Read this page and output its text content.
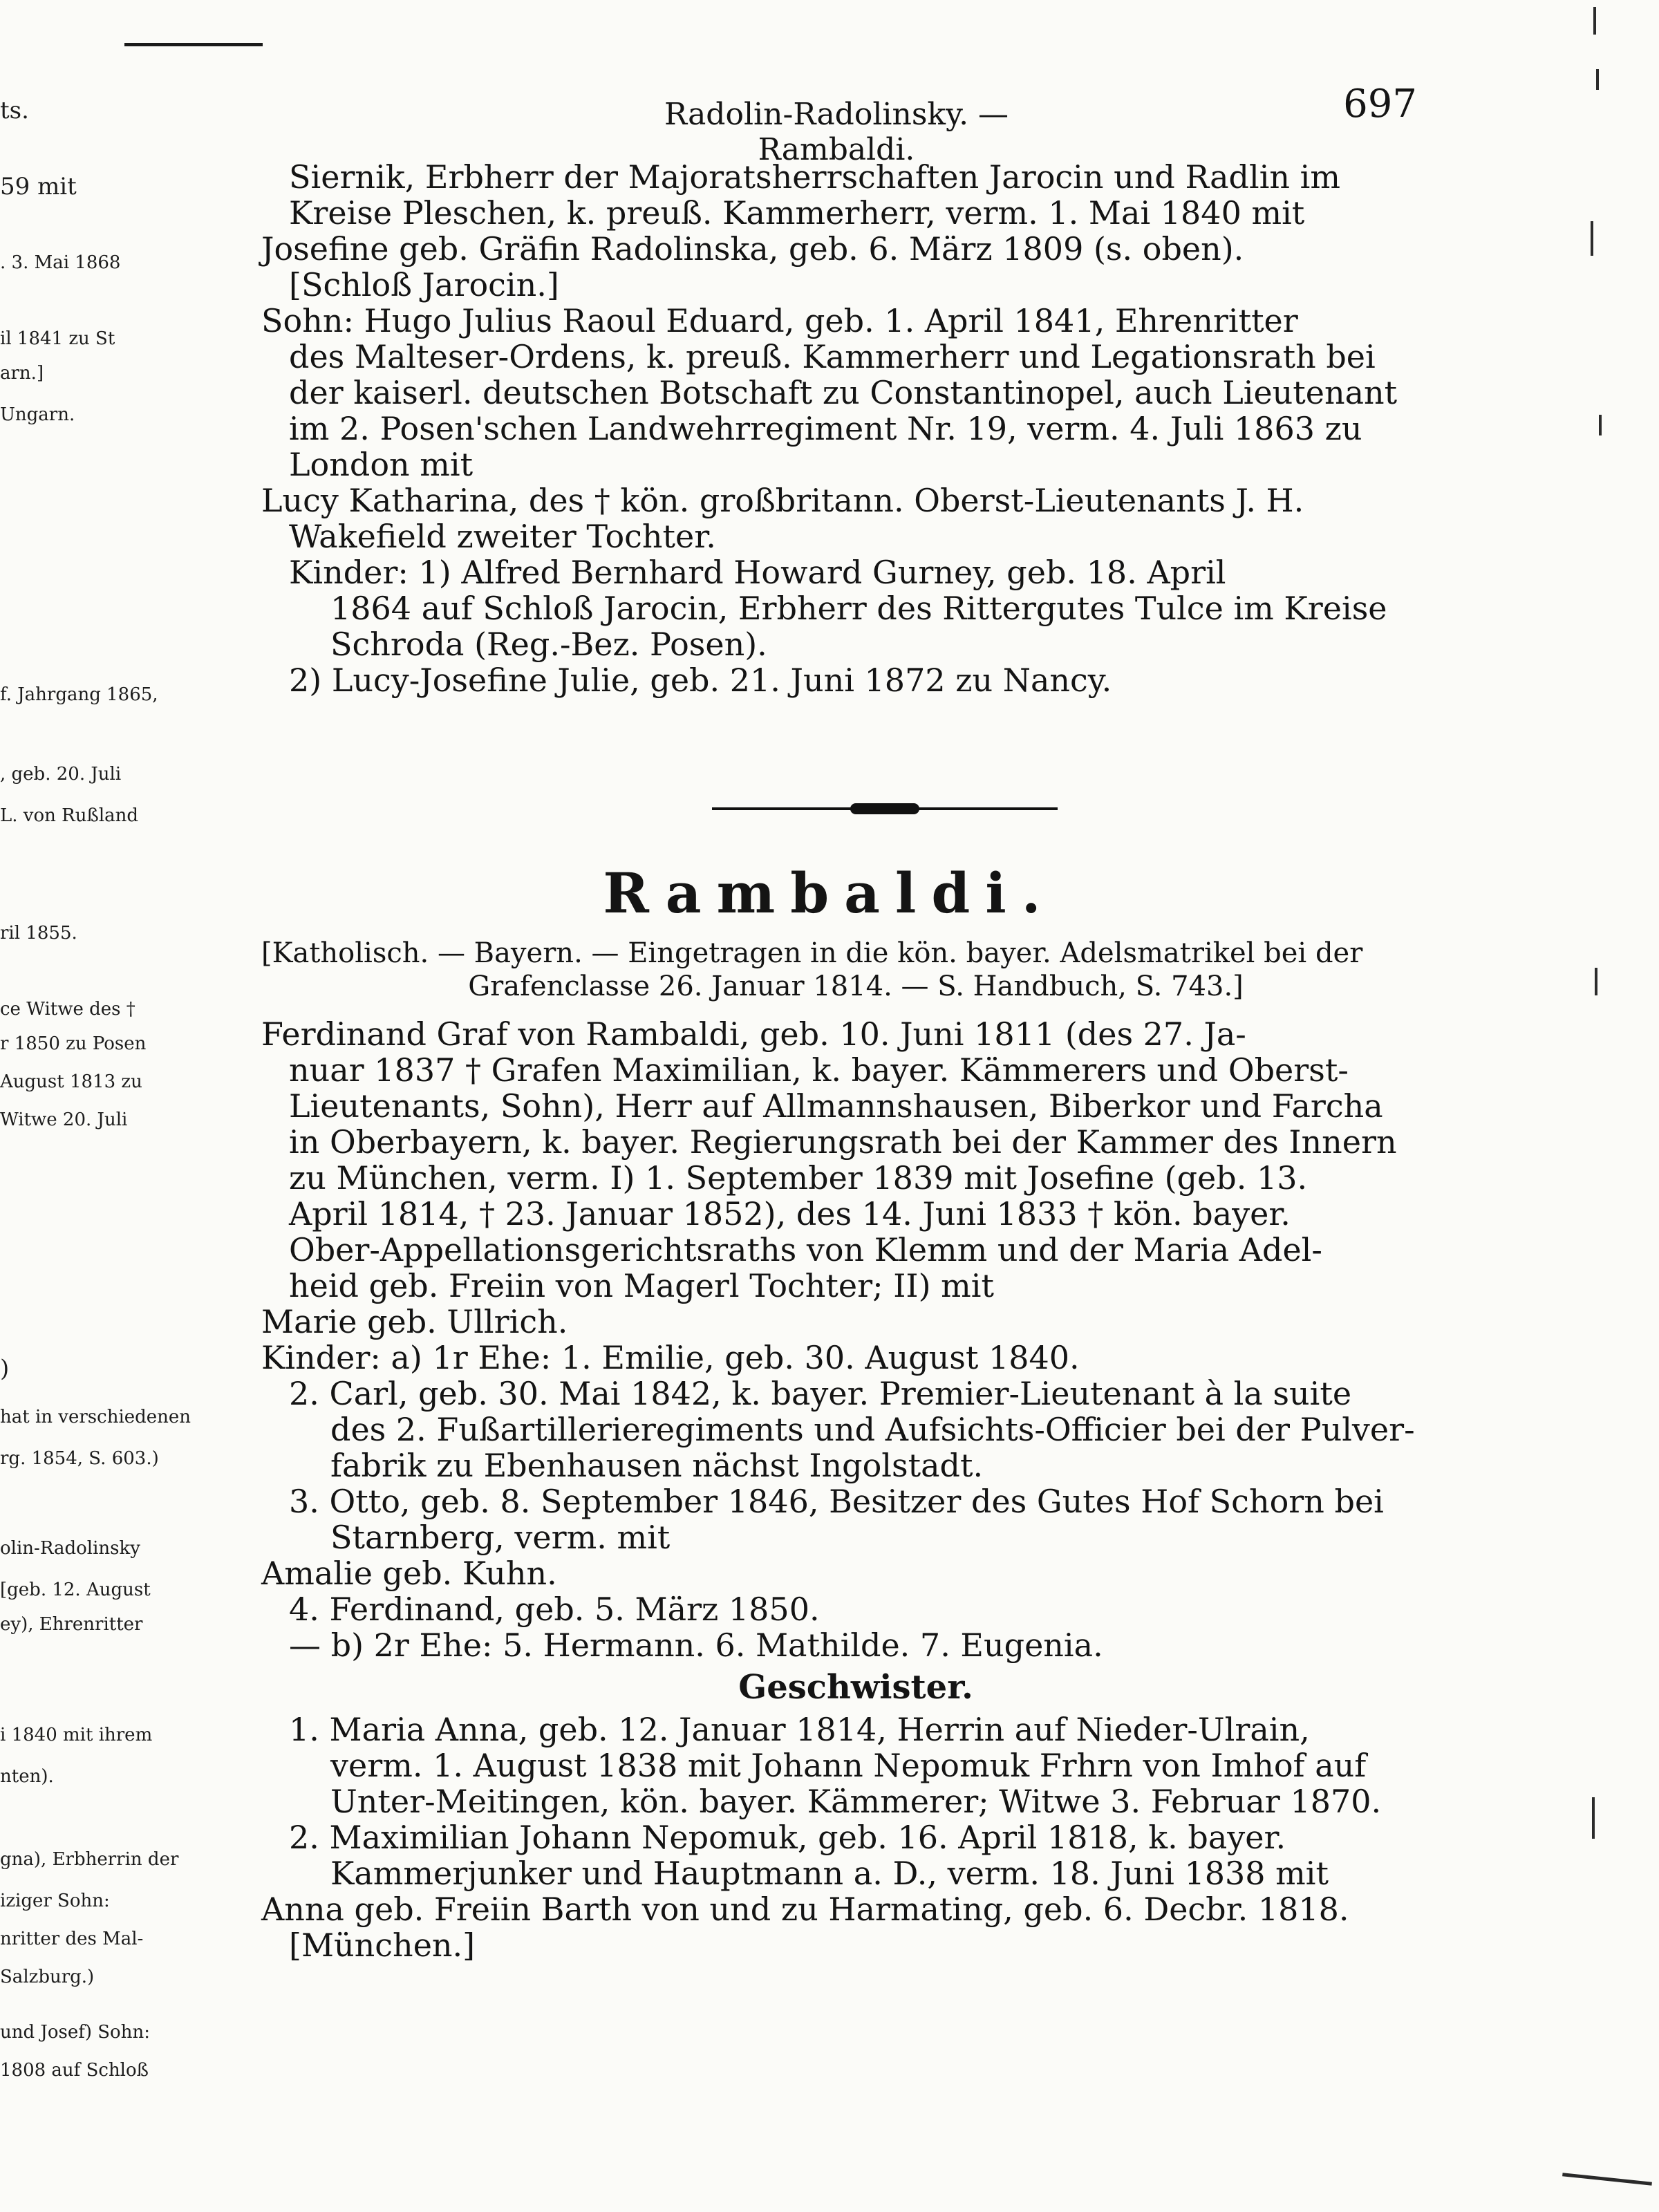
ts.
59 mit
. 3. Mai 1868
il 1841 zu St
arn.]
Ungarn.
f. Jahrgang 1865,
, geb. 20. Juli
L. von Rußland
ril 1855.
ce Witwe des †
r 1850 zu Posen
August 1813 zu
Witwe 20. Juli
)
hat in verschiedenen
rg. 1854, S. 603.)
olin-Radolinsky
[geb. 12. August
ey), Ehrenritter
i 1840 mit ihrem
nten).
gna), Erbherrin der
iziger Sohn:
nritter des Mal-
Salzburg.)
und Josef) Sohn:
1808 auf Schloß
Radolin-Radolinsky. — Rambaldi.
697
Siernik, Erbherr der Majoratsherrschaften Jarocin und Radlin im
Kreise Pleschen, k. preuß. Kammerherr, verm. 1. Mai 1840 mit
Josefine geb. Gräfin Radolinska, geb. 6. März 1809 (s. oben).
[Schloß Jarocin.]
Sohn: Hugo Julius Raoul Eduard, geb. 1. April 1841, Ehrenritter
des Malteser-Ordens, k. preuß. Kammerherr und Legationsrath bei
der kaiserl. deutschen Botschaft zu Constantinopel, auch Lieutenant
im 2. Posen'schen Landwehrregiment Nr. 19, verm. 4. Juli 1863 zu
London mit
Lucy Katharina, des † kön. großbritann. Oberst-Lieutenants J. H.
Wakefield zweiter Tochter.
Kinder: 1) Alfred Bernhard Howard Gurney, geb. 18. April
1864 auf Schloß Jarocin, Erbherr des Rittergutes Tulce im Kreise
Schroda (Reg.-Bez. Posen).
2) Lucy-Josefine Julie, geb. 21. Juni 1872 zu Nancy.
Rambaldi.
[Katholisch. — Bayern. — Eingetragen in die kön. bayer. Adelsmatrikel bei der
Grafenclasse 26. Januar 1814. — S. Handbuch, S. 743.]
Ferdinand Graf von Rambaldi, geb. 10. Juni 1811 (des 27. Ja-
nuar 1837 † Grafen Maximilian, k. bayer. Kämmerers und Oberst-
Lieutenants, Sohn), Herr auf Allmannshausen, Biberkor und Farcha
in Oberbayern, k. bayer. Regierungsrath bei der Kammer des Innern
zu München, verm. I) 1. September 1839 mit Josefine (geb. 13.
April 1814, † 23. Januar 1852), des 14. Juni 1833 † kön. bayer.
Ober-Appellationsgerichtsraths von Klemm und der Maria Adel-
heid geb. Freiin von Magerl Tochter; II) mit
Marie geb. Ullrich.
Kinder: a) 1r Ehe: 1. Emilie, geb. 30. August 1840.
2. Carl, geb. 30. Mai 1842, k. bayer. Premier-Lieutenant à la suite
des 2. Fußartillerieregiments und Aufsichts-Officier bei der Pulver-
fabrik zu Ebenhausen nächst Ingolstadt.
3. Otto, geb. 8. September 1846, Besitzer des Gutes Hof Schorn bei
Starnberg, verm. mit
Amalie geb. Kuhn.
4. Ferdinand, geb. 5. März 1850.
— b) 2r Ehe: 5. Hermann. 6. Mathilde. 7. Eugenia.
Geschwister.
1. Maria Anna, geb. 12. Januar 1814, Herrin auf Nieder-Ulrain,
verm. 1. August 1838 mit Johann Nepomuk Frhrn von Imhof auf
Unter-Meitingen, kön. bayer. Kämmerer; Witwe 3. Februar 1870.
2. Maximilian Johann Nepomuk, geb. 16. April 1818, k. bayer.
Kammerjunker und Hauptmann a. D., verm. 18. Juni 1838 mit
Anna geb. Freiin Barth von und zu Harmating, geb. 6. Decbr. 1818.
[München.]
